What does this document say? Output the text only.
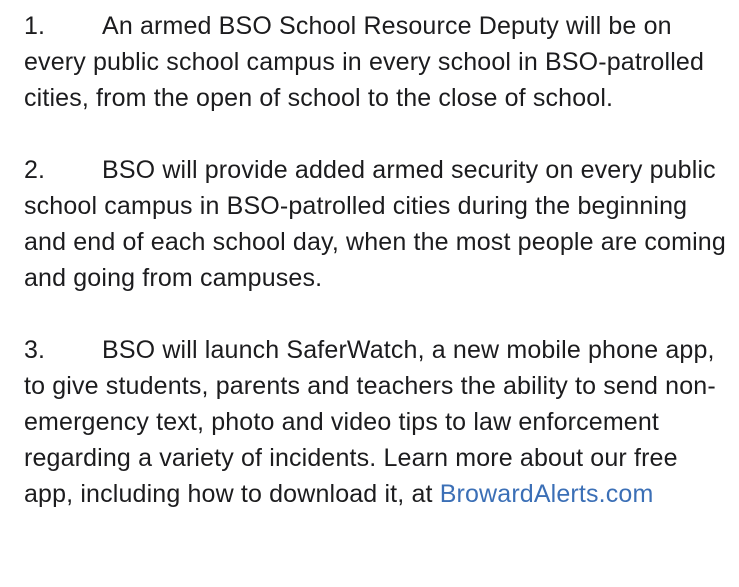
1. An armed BSO School Resource Deputy will be on every public school campus in every school in BSO-patrolled cities, from the open of school to the close of school.
2. BSO will provide added armed security on every public school campus in BSO-patrolled cities during the beginning and end of each school day, when the most people are coming and going from campuses.
3. BSO will launch SaferWatch, a new mobile phone app, to give students, parents and teachers the ability to send non-emergency text, photo and video tips to law enforcement regarding a variety of incidents. Learn more about our free app, including how to download it, at BrowardAlerts.com
